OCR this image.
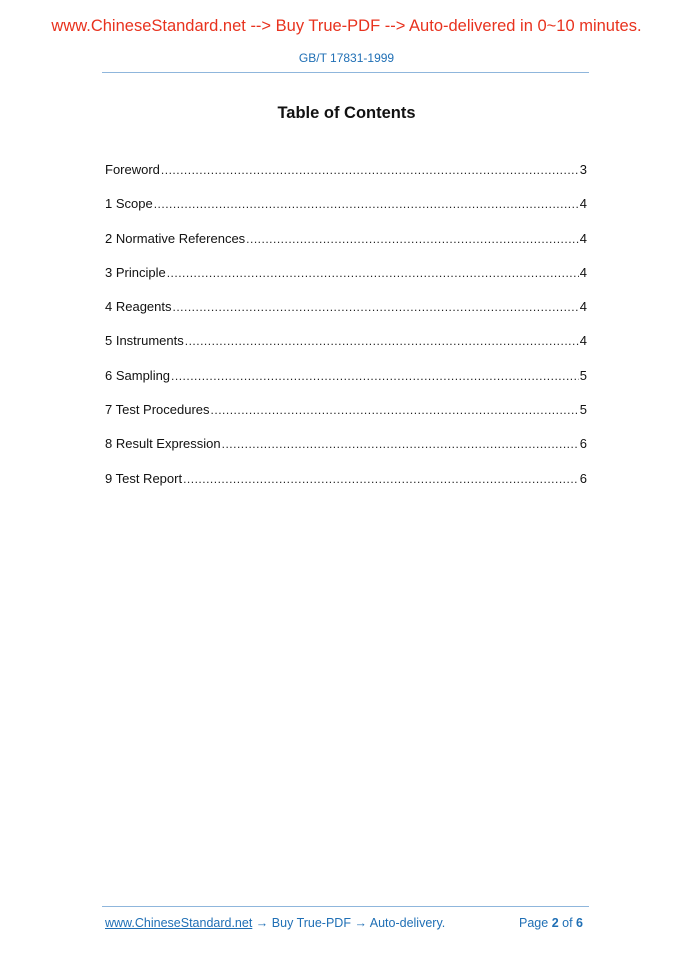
www.ChineseStandard.net --> Buy True-PDF --> Auto-delivered in 0~10 minutes.
GB/T 17831-1999
Table of Contents
Foreword .....	3
1 Scope .....	4
2 Normative References .....	4
3 Principle .....	4
4 Reagents .....	4
5 Instruments .....	4
6 Sampling .....	5
7 Test Procedures .....	5
8 Result Expression .....	6
9 Test Report .....	6
www.ChineseStandard.net → Buy True-PDF → Auto-delivery.	Page 2 of 6
